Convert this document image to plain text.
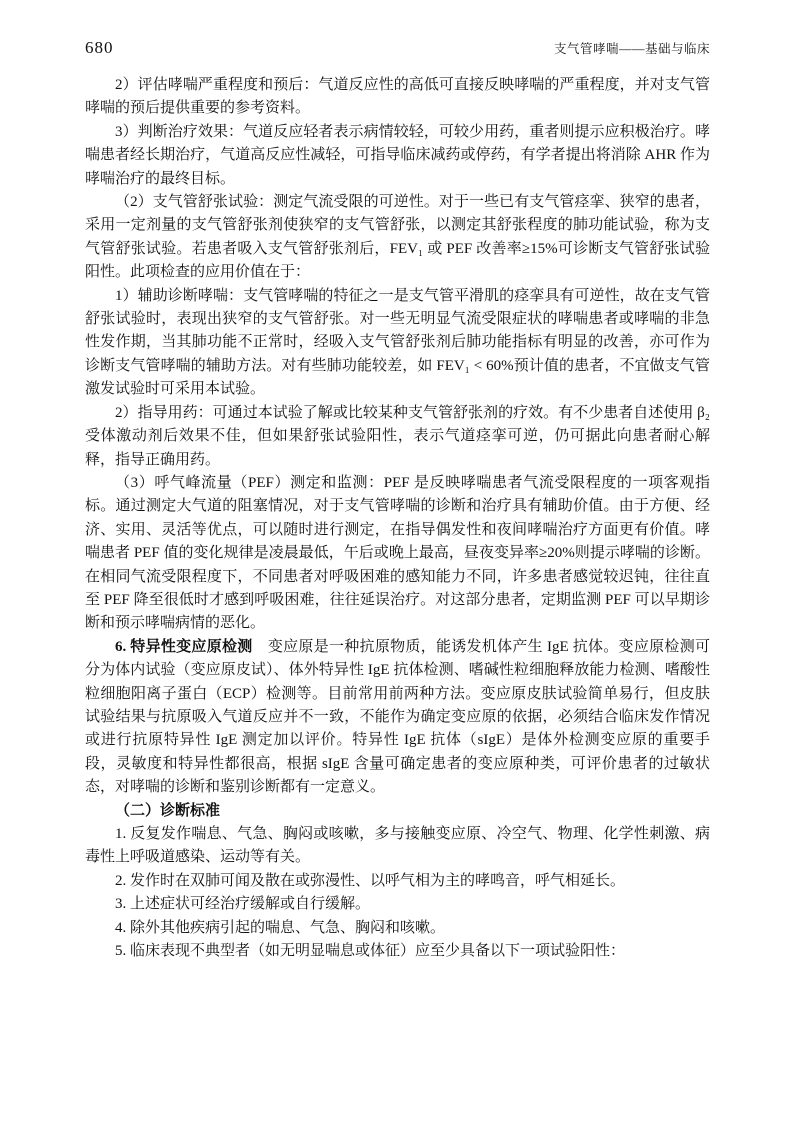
680	支气管哮喘——基础与临床

2）评估哮喘严重程度和预后：气道反应性的高低可直接反映哮喘的严重程度，并对支气管哮喘的预后提供重要的参考资料。

3）判断治疗效果：气道反应轻者表示病情较轻，可较少用药，重者则提示应积极治疗。哮喘患者经长期治疗，气道高反应性减轻，可指导临床减药或停药，有学者提出将消除 AHR 作为哮喘治疗的最终目标。

（2）支气管舒张试验：测定气流受限的可逆性。对于一些已有支气管痉挛、狭窄的患者，采用一定剂量的支气管舒张剂使狭窄的支气管舒张，以测定其舒张程度的肺功能试验，称为支气管舒张试验。若患者吸入支气管舒张剂后，FEV₁ 或 PEF 改善率≥15%可诊断支气管舒张试验阳性。此项检查的应用价值在于：

1）辅助诊断哮喘：支气管哮喘的特征之一是支气管平滑肌的痉挛具有可逆性，故在支气管舒张试验时，表现出狭窄的支气管舒张。对一些无明显气流受限症状的哮喘患者或哮喘的非急性发作期，当其肺功能不正常时，经吸入支气管舒张剂后肺功能指标有明显的改善，亦可作为诊断支气管哮喘的辅助方法。对有些肺功能较差，如 FEV₁ < 60%预计值的患者，不宜做支气管激发试验时可采用本试验。

2）指导用药：可通过本试验了解或比较某种支气管舒张剂的疗效。有不少患者自述使用 β₂ 受体激动剂后效果不佳，但如果舒张试验阳性，表示气道痉挛可逆，仍可据此向患者耐心解释，指导正确用药。

（3）呼气峰流量（PEF）测定和监测：PEF 是反映哮喘患者气流受限程度的一项客观指标。通过测定大气道的阻塞情况，对于支气管哮喘的诊断和治疗具有辅助价值。由于方便、经济、实用、灵活等优点，可以随时进行测定，在指导偶发性和夜间哮喘治疗方面更有价值。哮喘患者 PEF 值的变化规律是凌晨最低，午后或晚上最高，昼夜变异率≥20%则提示哮喘的诊断。在相同气流受限程度下，不同患者对呼吸困难的感知能力不同，许多患者感觉较迟钝，往往直至 PEF 降至很低时才感到呼吸困难，往往延误治疗。对这部分患者，定期监测 PEF 可以早期诊断和预示哮喘病情的恶化。

6. 特异性变应原检测　变应原是一种抗原物质，能诱发机体产生 IgE 抗体。变应原检测可分为体内试验（变应原皮试）、体外特异性 IgE 抗体检测、嗜碱性粒细胞释放能力检测、嗜酸性粒细胞阳离子蛋白（ECP）检测等。目前常用前两种方法。变应原皮肤试验简单易行，但皮肤试验结果与抗原吸入气道反应并不一致，不能作为确定变应原的依据，必须结合临床发作情况或进行抗原特异性 IgE 测定加以评价。特异性 IgE 抗体（sIgE）是体外检测变应原的重要手段，灵敏度和特异性都很高，根据 sIgE 含量可确定患者的变应原种类，可评价患者的过敏状态，对哮喘的诊断和鉴别诊断都有一定意义。

（二）诊断标准

1. 反复发作喘息、气急、胸闷或咳嗽，多与接触变应原、冷空气、物理、化学性刺激、病毒性上呼吸道感染、运动等有关。

2. 发作时在双肺可闻及散在或弥漫性、以呼气相为主的哮鸣音，呼气相延长。

3. 上述症状可经治疗缓解或自行缓解。

4. 除外其他疾病引起的喘息、气急、胸闷和咳嗽。

5. 临床表现不典型者（如无明显喘息或体征）应至少具备以下一项试验阳性：
